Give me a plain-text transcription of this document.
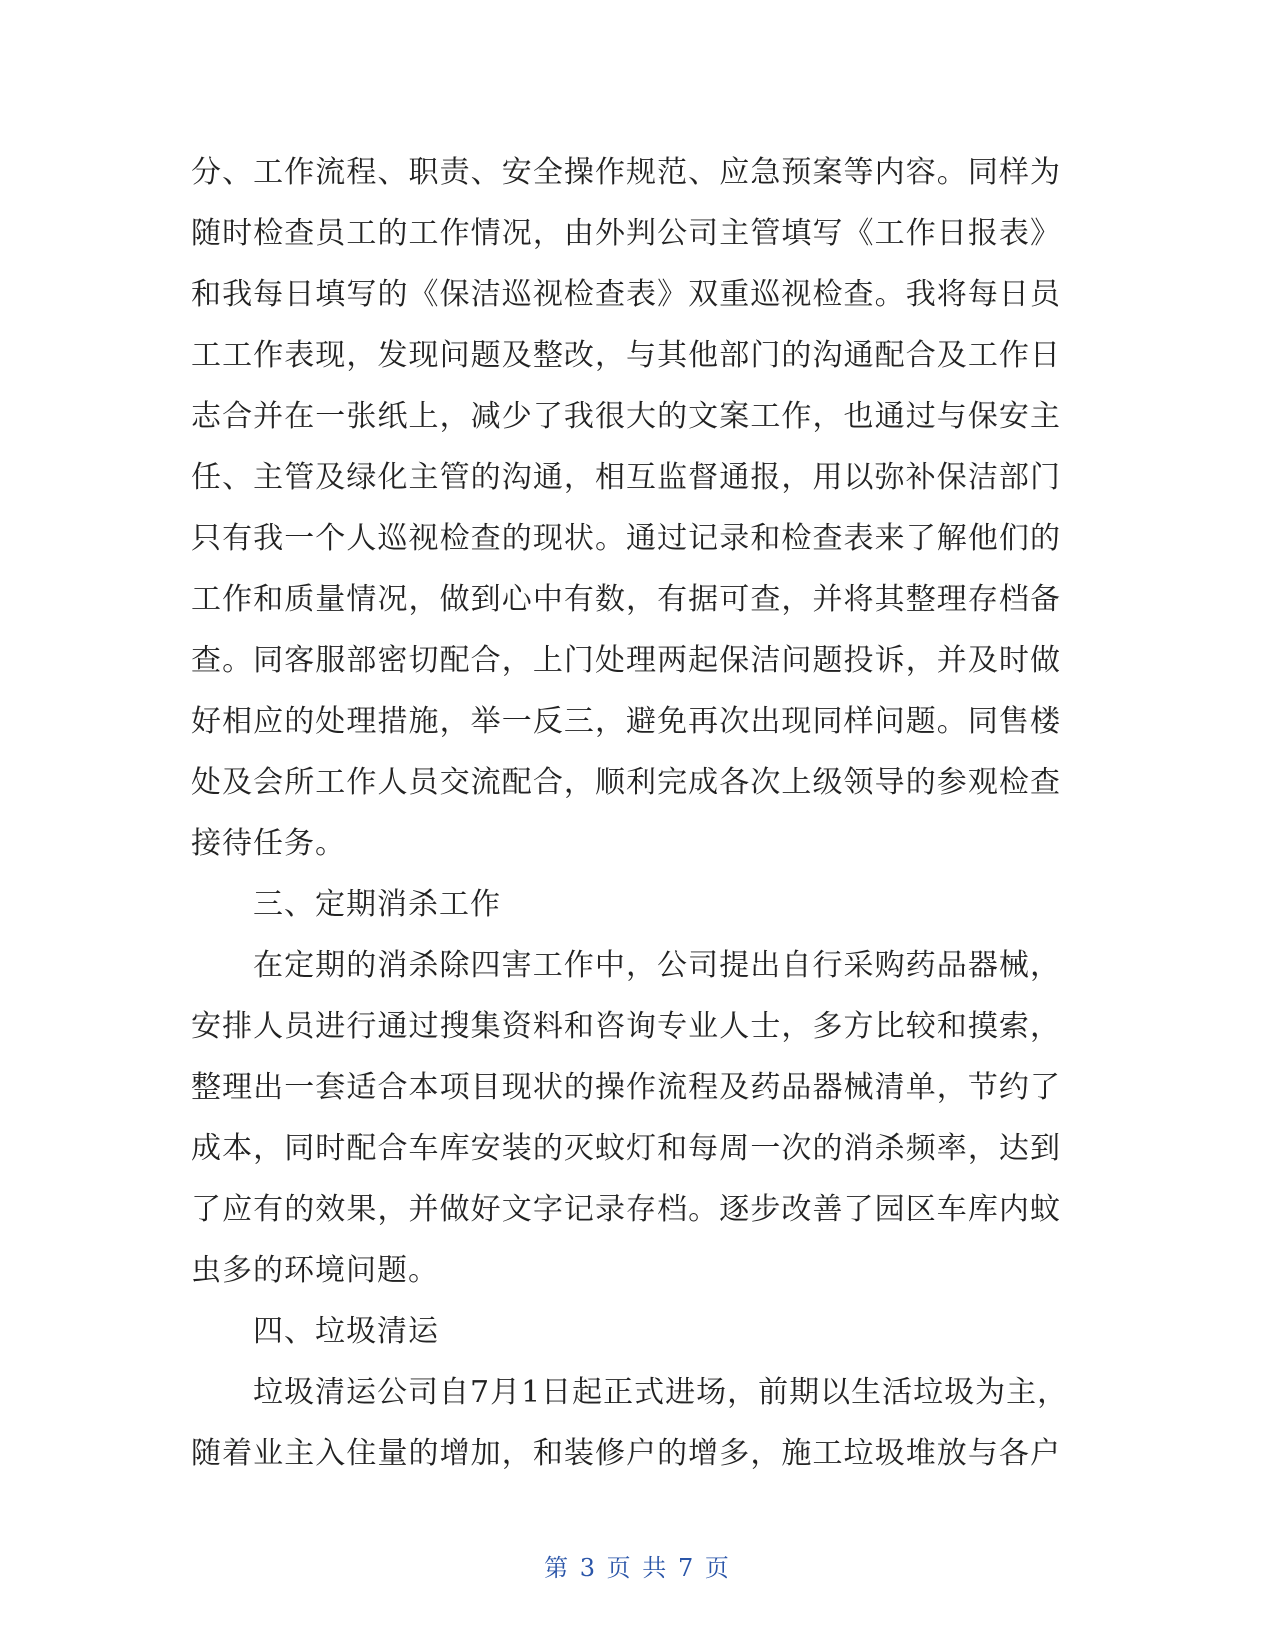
分、工作流程、职责、安全操作规范、应急预案等内容。同样为
随时检查员工的工作情况，由外判公司主管填写《工作日报表》
和我每日填写的《保洁巡视检查表》双重巡视检查。我将每日员
工工作表现，发现问题及整改，与其他部门的沟通配合及工作日
志合并在一张纸上，减少了我很大的文案工作，也通过与保安主
任、主管及绿化主管的沟通，相互监督通报，用以弥补保洁部门
只有我一个人巡视检查的现状。通过记录和检查表来了解他们的
工作和质量情况，做到心中有数，有据可查，并将其整理存档备
查。同客服部密切配合，上门处理两起保洁问题投诉，并及时做
好相应的处理措施，举一反三，避免再次出现同样问题。同售楼
处及会所工作人员交流配合，顺利完成各次上级领导的参观检查
接待任务。
三、定期消杀工作
在定期的消杀除四害工作中，公司提出自行采购药品器械，
安排人员进行通过搜集资料和咨询专业人士，多方比较和摸索，
整理出一套适合本项目现状的操作流程及药品器械清单，节约了
成本，同时配合车库安装的灭蚊灯和每周一次的消杀频率，达到
了应有的效果，并做好文字记录存档。逐步改善了园区车库内蚊
虫多的环境问题。
四、垃圾清运
垃圾清运公司自7月1日起正式进场，前期以生活垃圾为主，
随着业主入住量的增加，和装修户的增多，施工垃圾堆放与各户
第 3 页 共 7 页
